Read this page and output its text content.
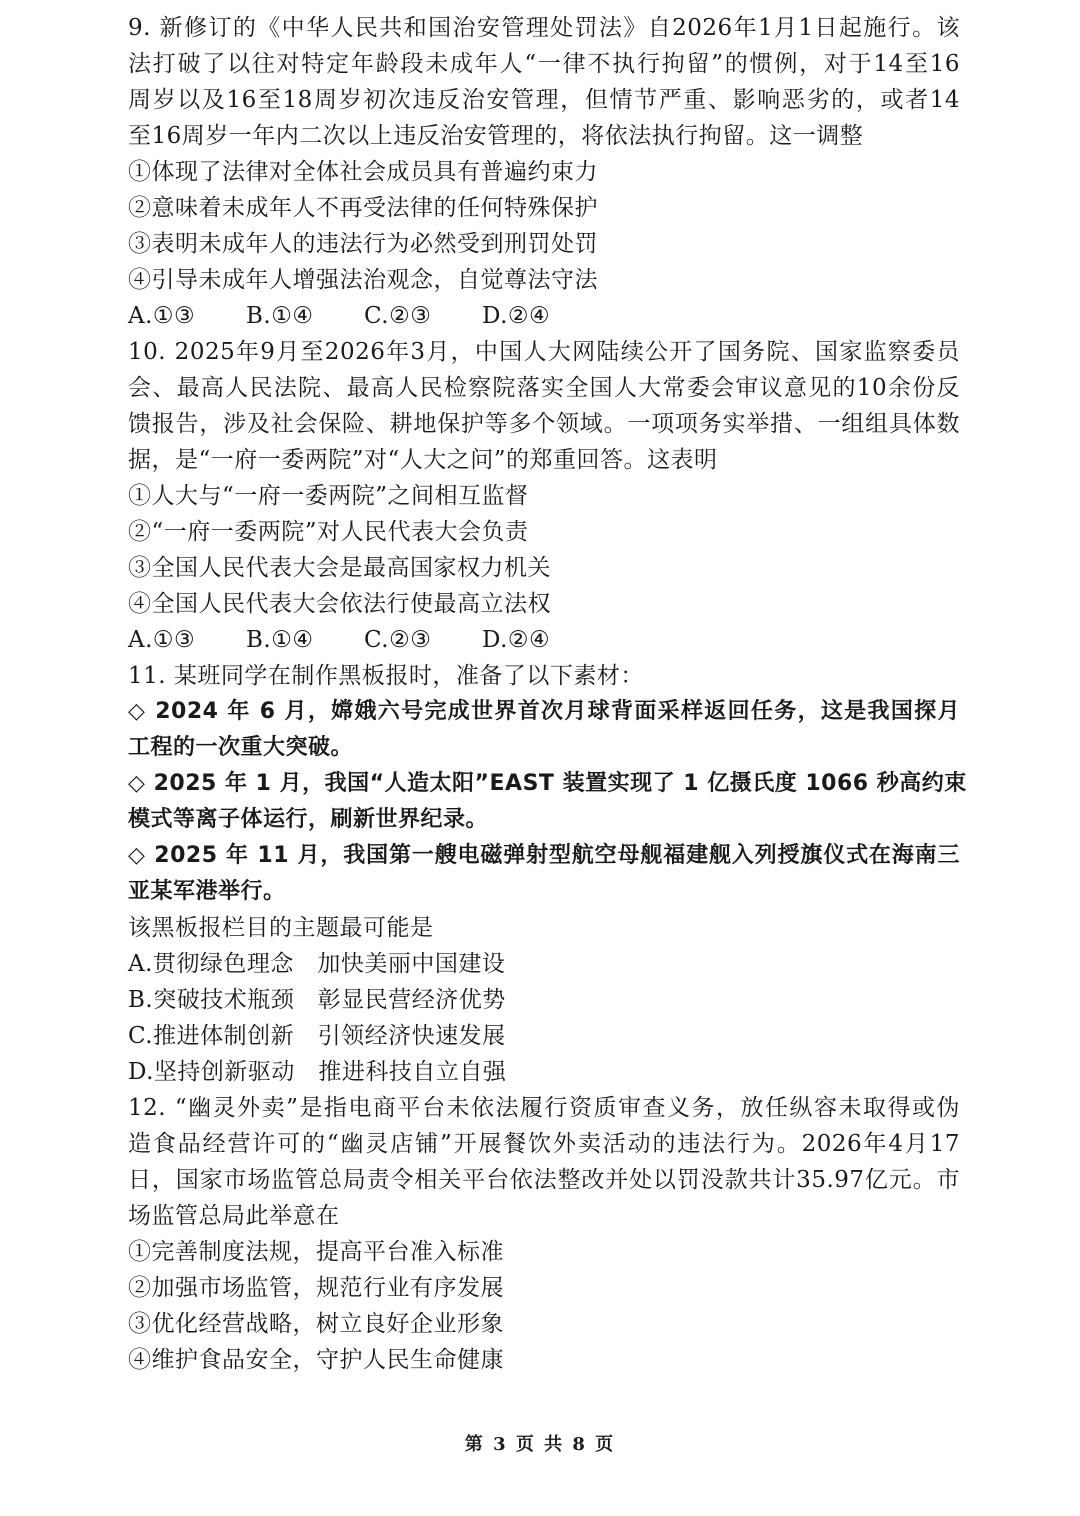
9. 新修订的《中华人民共和国治安管理处罚法》自2026年1月1日起施行。该
法打破了以往对特定年龄段未成年人“一律不执行拘留”的惯例，对于14至16
周岁以及16至18周岁初次违反治安管理，但情节严重、影响恶劣的，或者14
至16周岁一年内二次以上违反治安管理的，将依法执行拘留。这一调整
①体现了法律对全体社会成员具有普遍约束力
②意味着未成年人不再受法律的任何特殊保护
③表明未成年人的违法行为必然受到刑罚处罚
④引导未成年人增强法治观念，自觉尊法守法
A.①③ B.①④ C.②③ D.②④
10. 2025年9月至2026年3月，中国人大网陆续公开了国务院、国家监察委员
会、最高人民法院、最高人民检察院落实全国人大常委会审议意见的10余份反
馈报告，涉及社会保险、耕地保护等多个领域。一项项务实举措、一组组具体数
据，是“一府一委两院”对“人大之问”的郑重回答。这表明
①人大与“一府一委两院”之间相互监督
②“一府一委两院”对人民代表大会负责
③全国人民代表大会是最高国家权力机关
④全国人民代表大会依法行使最高立法权
A.①③ B.①④ C.②③ D.②④
11. 某班同学在制作黑板报时，准备了以下素材：
◇ 2024 年 6 月，嫦娥六号完成世界首次月球背面采样返回任务，这是我国探月
工程的一次重大突破。
◇ 2025 年 1 月，我国“人造太阳”EAST 装置实现了 1 亿摄氏度 1066 秒高约束
模式等离子体运行，刷新世界纪录。
◇ 2025 年 11 月，我国第一艘电磁弹射型航空母舰福建舰入列授旗仪式在海南三
亚某军港举行。
该黑板报栏目的主题最可能是
A.贯彻绿色理念　加快美丽中国建设
B.突破技术瓶颈　彰显民营经济优势
C.推进体制创新　引领经济快速发展
D.坚持创新驱动　推进科技自立自强
12. “幽灵外卖”是指电商平台未依法履行资质审查义务，放任纵容未取得或伪
造食品经营许可的“幽灵店铺”开展餐饮外卖活动的违法行为。2026年4月17
日，国家市场监管总局责令相关平台依法整改并处以罚没款共计35.97亿元。市
场监管总局此举意在
①完善制度法规，提高平台准入标准
②加强市场监管，规范行业有序发展
③优化经营战略，树立良好企业形象
④维护食品安全，守护人民生命健康
第 3 页 共 8 页
